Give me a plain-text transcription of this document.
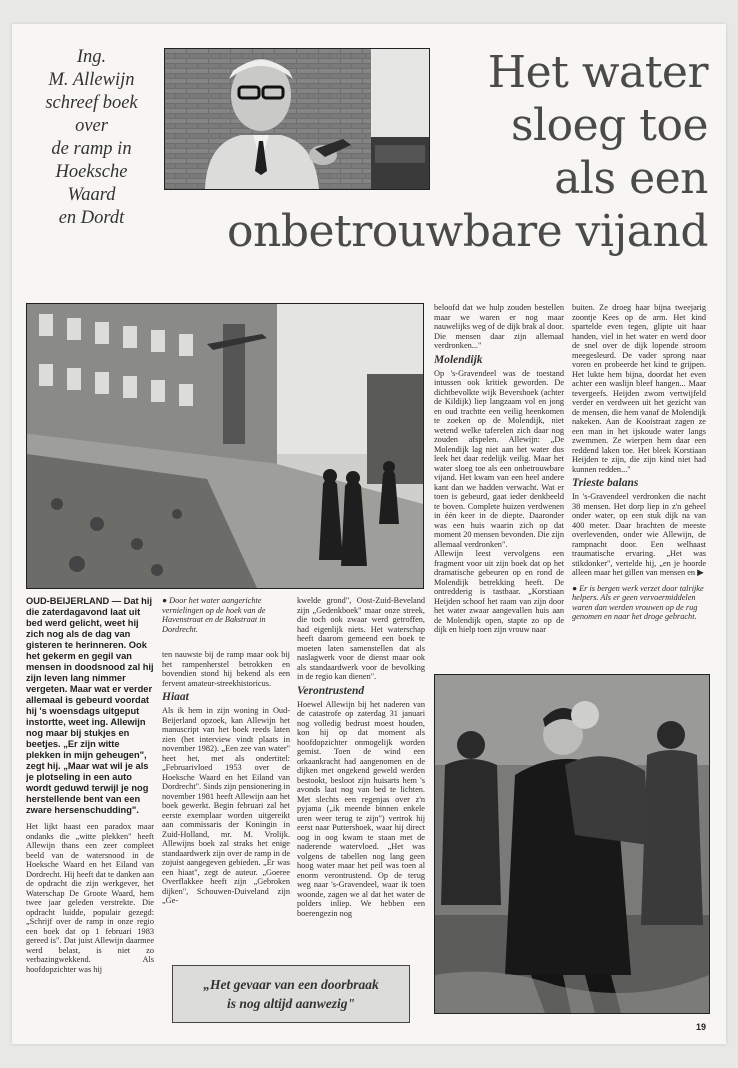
Ing.
M. Allewijn
schreef boek
over
de ramp in
Hoeksche
Waard
en Dordt
Het water
sloeg toe
als een
onbetrouwbare vijand

OUD-BEIJERLAND — Dat hij die zaterdagavond laat uit bed werd gelicht, weet hij zich nog als de dag van gisteren te herinneren. Ook het gekerm en gegil van mensen in doodsnood zal hij zijn leven lang nimmer vergeten. Maar wat er verder allemaal is gebeurd voordat hij 's woensdags uitgeput instortte, weet ing. Allewijn nog maar bij stukjes en beetjes. „Er zijn witte plekken in mijn geheugen", zegt hij. „Maar wat wil je als je plotseling in een auto wordt geduwd terwijl je nog herstellende bent van een zware hersenschudding".

Het lijkt haast een paradox maar ondanks die „witte plekken" heeft Allewijn thans een zeer compleet beeld van de watersnood in de Hoeksche Waard en het Eiland van Dordrecht. Hij heeft dat te danken aan de opdracht die zijn werkgever, het Waterschap De Groote Waard, hem twee jaar geleden verstrekte. Die opdracht luidde, populair gezegd: „Schrijf over de ramp in onze regio een boek dat op 1 februari 1983 gereed is". Dat juist Allewijn daarmee werd belast, is niet zo verbazingwekkend. Als hoofdopzichter was hij

● Door het water aangerichte vernielingen op de hoek van de Havenstraat en de Bakstraat in Dordrecht.

ten nauwste bij de ramp maar ook bij het rampenherstel betrokken en bovendien stond hij bekend als een fervent amateur-streekhistoricus.

Hiaat

Als ik hem in zijn woning in Oud-Beijerland opzoek, kan Allewijn het manuscript van het boek reeds laten zien (het interview vindt plaats in november 1982). „Een zee van water" heet het, met als ondertitel: „Februarivloed 1953 over de Hoeksche Waard en het Eiland van Dordrecht". Sinds zijn pensionering in november 1981 heeft Allewijn aan het boek gewerkt. Begin februari zal het eerste exemplaar worden uitgereikt aan commissaris der Koningin in Zuid-Holland, mr. M. Vrolijk. Allewijns boek zal straks het enige standaardwerk zijn over de ramp in de zojuist aangegeven gebieden. „Er was een hiaat", zegt de auteur. „Goeree Overflakkee heeft zijn „Gebroken dijken", Schouwen-Duiveland zijn „Ge-

kwelde grond", Oost-Zuid-Beveland zijn „Gedenkboek" maar onze streek, die toch ook zwaar werd getroffen, had eigenlijk niets. Het waterschap heeft daarom gemeend een boek te moeten laten samenstellen dat als naslagwerk voor de dienst maar ook als standaardwerk voor de bevolking in de regio kan dienen".

Verontrustend

Hoewel Allewijn bij het naderen van de catastrofe op zaterdag 31 januari nog volledig bedrust moest houden, kon hij op dat moment als hoofdopzichter onmogelijk worden gemist. Toen de wind een orkaankracht had aangenomen en de dijken met ongekend geweld werden bestookt, besloot zijn huisarts hem 's avonds laat nog van bed te lichten. Met slechts een regenjas over z'n pyjama („ik meende binnen enkele uren weer terug te zijn") vertrok hij eerst naar Puttershoek, waar hij direct oog in oog kwam te staan met de naderende watervloed. „Het was volgens de tabellen nog lang geen hoog water maar het peil was toen al enorm verontrustend. Op de terug weg naar 's-Gravendeel, waar ik toen woonde, zagen we al dat het water de polders inliep. We hebben een boerengezin nog

„Het gevaar van een doorbraak
is nog altijd aanwezig"

beloofd dat we hulp zouden bestellen maar we waren er nog maar nauwelijks weg of de dijk brak al door. Die mensen daar zijn allemaal verdronken..."

Molendijk

Op 's-Gravendeel was de toestand intussen ook kritiek geworden. De dichtbevolkte wijk Bevershoek (achter de Kildijk) liep langzaam vol en jong en oud trachtte een veilig heenkomen te zoeken op de Molendijk, niet wetend welke taferelen zich daar nog zouden afspelen. Allewijn: „De Molendijk lag niet aan het water dus leek het daar redelijk veilig. Maar het water sloeg toe als een onbetrouwbare vijand. Het kwam van een heel andere kant dan we hadden verwacht. Wat er toen is gebeurd, gaat ieder denkbeeld te boven. Complete huizen verdwenen in één keer in de diepte. Daaronder was een huis waarin zich op dat moment 20 mensen bevonden. Die zijn allemaal verdronken".

Allewijn leest vervolgens een fragment voor uit zijn boek dat op het dramatische gebeuren op en rond de Molendijk betrekking heeft. De ontredderig is tastbaar. „Korstiaan Heijden schoof het raam van zijn door het water zwaar aangevallen huis aan de Molendijk open, stapte zo op de dijk en hielp toen zijn vrouw naar

buiten. Ze droeg haar bijna tweejarig zoontje Kees op de arm. Het kind spartelde even tegen, glipte uit haar handen, viel in het water en werd door de snel over de dijk lopende stroom meegesleurd. De vader sprong naar voren en probeerde het kind te grijpen. Het lukte hem bijna, doordat het even achter een waslijn bleef hangen... Maar tevergeefs. Heijden zwom vertwijfeld verder en verdween uit het gezicht van de mensen, die hem vanaf de Molendijk nakeken. Aan de Kooistraat zagen ze een man in het ijskoude water langs zwemmen. Ze wierpen hem daar een reddend laken toe. Het bleek Korstiaan Heijden te zijn, die zijn kind niet had kunnen redden..."

Trieste balans

In 's-Gravendeel verdronken die nacht 38 mensen. Het dorp liep in z'n geheel onder water, op een stuk dijk na van 400 meter. Daar brachten de meeste overlevenden, onder wie Allewijn, de rampnacht door. Een welhaast traumatische ervaring. „Het was stikdonker", vertelde hij, „en je hoorde alleen maar het gillen van mensen en ▶

● Er is bergen werk verzet door talrijke helpers. Als er geen vervoermiddelen waren dan werden vrouwen op de rug genomen en naar het droge gebracht.

19
